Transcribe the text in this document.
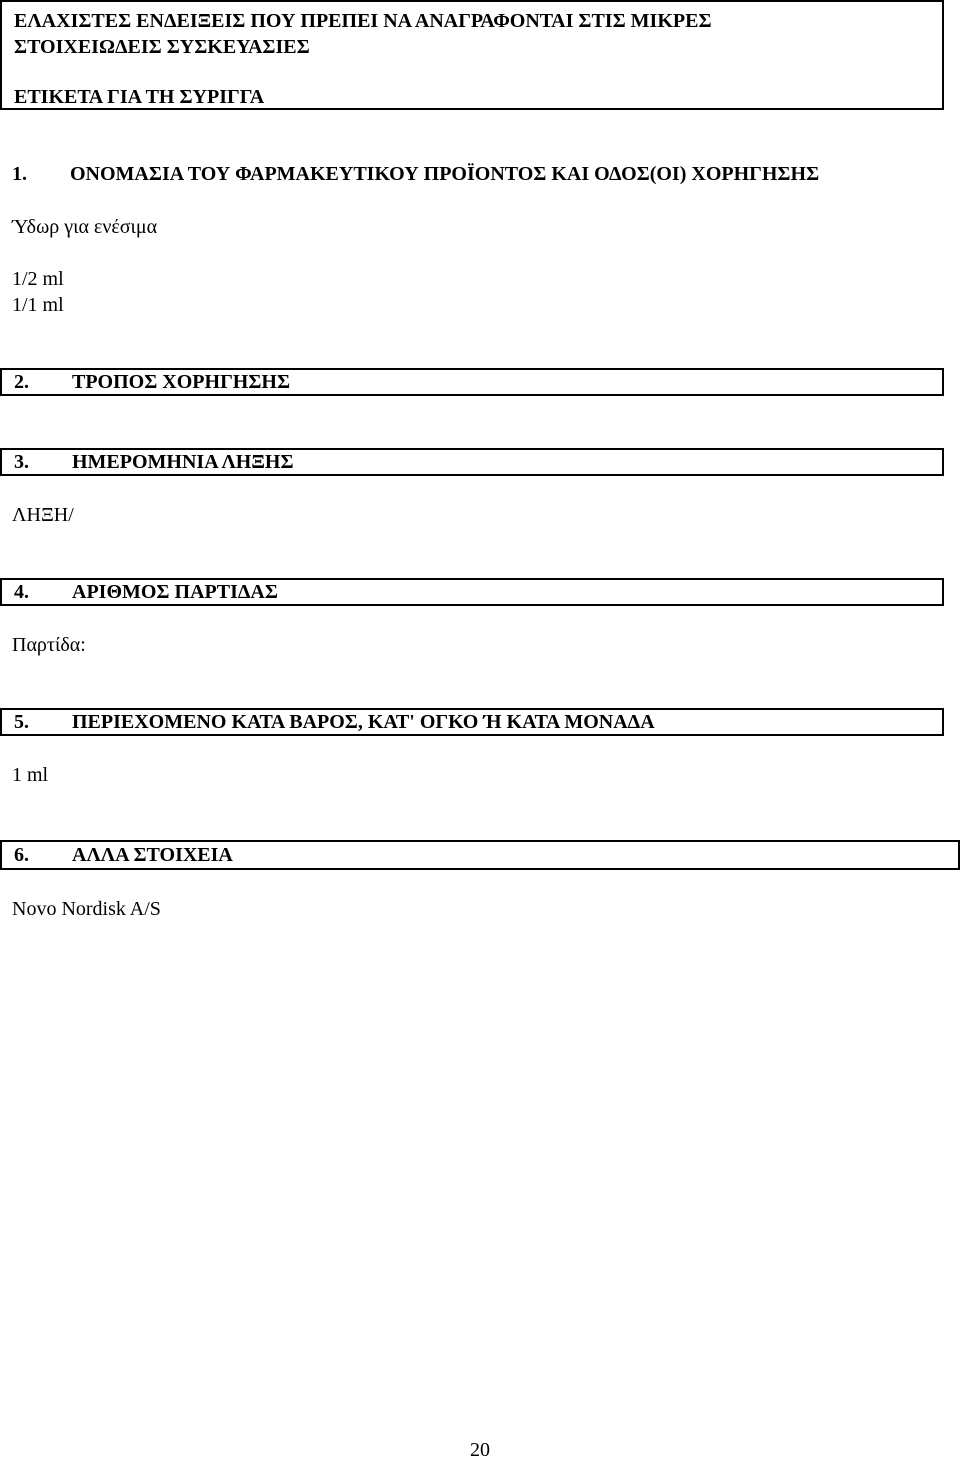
ΕΛΑΧΙΣΤΕΣ ΕΝΔΕΙΞΕΙΣ ΠΟΥ ΠΡΕΠΕΙ ΝΑ ΑΝΑΓΡΑΦΟΝΤΑΙ ΣΤΙΣ ΜΙΚΡΕΣ
ΣΤΟΙΧΕΙΩΔΕΙΣ ΣΥΣΚΕΥΑΣΙΕΣ
ΕΤΙΚΕΤΑ ΓΙΑ ΤΗ ΣΥΡΙΓΓΑ
1.	ΟΝΟΜΑΣΙΑ ΤΟΥ ΦΑΡΜΑΚΕΥΤΙΚΟΥ ΠΡΟΪΟΝΤΟΣ ΚΑΙ ΟΔΟΣ(ΟΙ) ΧΟΡΗΓΗΣΗΣ
Ύδωρ για ενέσιμα
1/2 ml
1/1 ml
2.	ΤΡΟΠΟΣ ΧΟΡΗΓΗΣΗΣ
3.	ΗΜΕΡΟΜΗΝΙΑ ΛΗΞΗΣ
ΛΗΞΗ/
4.	ΑΡΙΘΜΟΣ ΠΑΡΤΙΔΑΣ
Παρτίδα:
5.	ΠΕΡΙΕΧΟΜΕΝΟ ΚΑΤΑ ΒΑΡΟΣ, ΚΑΤ' ΟΓΚΟ Ή ΚΑΤΑ ΜΟΝΑΔΑ
1 ml
6.	ΑΛΛΑ ΣΤΟΙΧΕΙΑ
Novo Nordisk A/S
20
